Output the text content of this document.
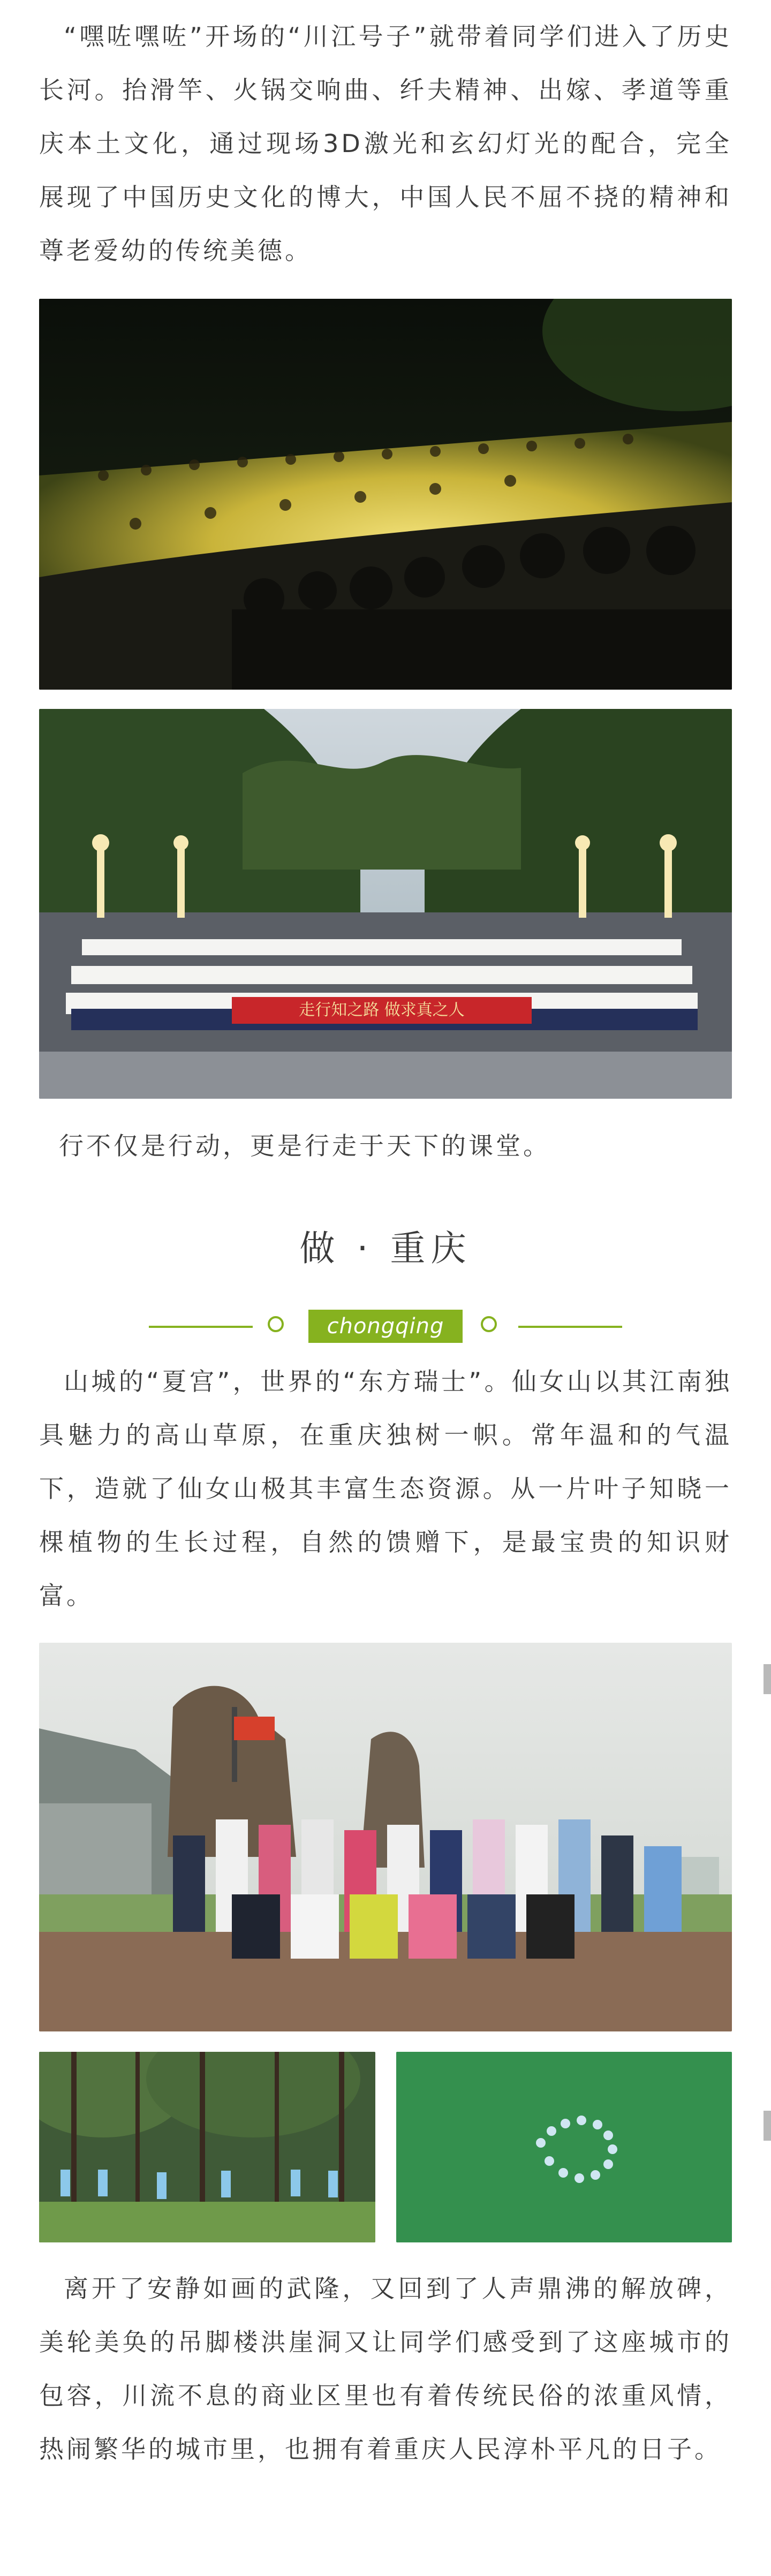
“嘿咗嘿咗”开场的“川江号子”就带着同学们进入了历史长河。抬滑竿、火锅交响曲、纤夫精神、出嫁、孝道等重庆本土文化，通过现场3D激光和玄幻灯光的配合，完全展现了中国历史文化的博大，中国人民不屈不挠的精神和尊老爱幼的传统美德。

走行知之路 做求真之人

行不仅是行动，更是行走于天下的课堂。

做 · 重庆
chongqing

山城的“夏宫”，世界的“东方瑞士”。仙女山以其江南独具魅力的高山草原，在重庆独树一帜。常年温和的气温下，造就了仙女山极其丰富生态资源。从一片叶子知晓一棵植物的生长过程，自然的馈赠下，是最宝贵的知识财富。

离开了安静如画的武隆，又回到了人声鼎沸的解放碑，美轮美奂的吊脚楼洪崖洞又让同学们感受到了这座城市的包容，川流不息的商业区里也有着传统民俗的浓重风情，热闹繁华的城市里，也拥有着重庆人民淳朴平凡的日子。
